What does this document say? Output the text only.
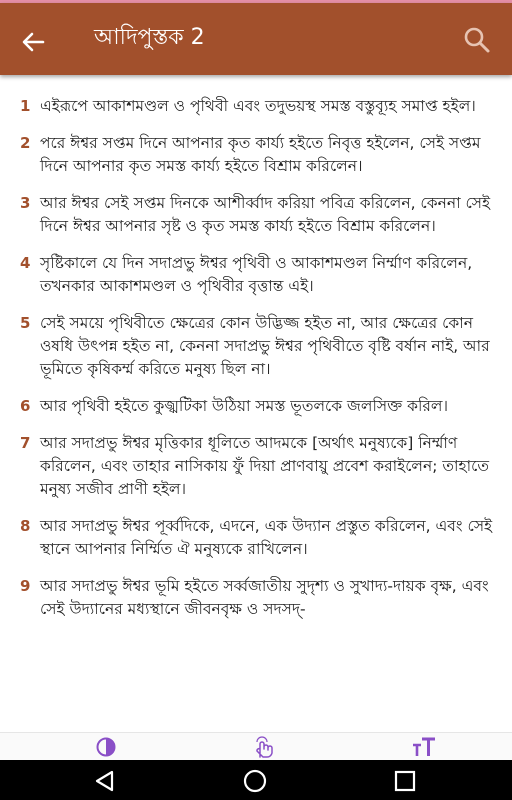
আদিপুস্তক 2
1 এইরূপে আকাশমণ্ডল ও পৃথিবী এবং তদুভয়স্থ সমস্ত বস্তুব্যূহ সমাপ্ত হইল।
2 পরে ঈশ্বর সপ্তম দিনে আপনার কৃত কার্য্য হইতে নিবৃত্ত হইলেন, সেই সপ্তম দিনে আপনার কৃত সমস্ত কার্য্য হইতে বিশ্রাম করিলেন।
3 আর ঈশ্বর সেই সপ্তম দিনকে আশীর্ব্বাদ করিয়া পবিত্র করিলেন, কেননা সেই দিনে ঈশ্বর আপনার সৃষ্ট ও কৃত সমস্ত কার্য্য হইতে বিশ্রাম করিলেন।
4 সৃষ্টিকালে যে দিন সদাপ্রভু ঈশ্বর পৃথিবী ও আকাশমণ্ডল নির্ম্মাণ করিলেন, তখনকার আকাশমণ্ডল ও পৃথিবীর বৃত্তান্ত এই।
5 সেই সময়ে পৃথিবীতে ক্ষেত্রের কোন উদ্ভিজ্জ হইত না, আর ক্ষেত্রের কোন ওষধি উৎপন্ন হইত না, কেননা সদাপ্রভু ঈশ্বর পৃথিবীতে বৃষ্টি বর্ষান নাই, আর ভূমিতে কৃষিকর্ম্ম করিতে মনুষ্য ছিল না।
6 আর পৃথিবী হইতে কুজ্ঝটিকা উঠিয়া সমস্ত ভূতলকে জলসিক্ত করিল।
7 আর সদাপ্রভু ঈশ্বর মৃত্তিকার ধূলিতে আদমকে [অর্থাৎ মনুষ্যকে] নির্ম্মাণ করিলেন, এবং তাহার নাসিকায় ফুঁ দিয়া প্রাণবায়ু প্রবেশ করাইলেন; তাহাতে মনুষ্য সজীব প্রাণী হইল।
8 আর সদাপ্রভু ঈশ্বর পূর্ব্বদিকে, এদনে, এক উদ্যান প্রস্তুত করিলেন, এবং সেই স্থানে আপনার নির্ম্মিত ঐ মনুষ্যকে রাখিলেন।
9 আর সদাপ্রভু ঈশ্বর ভূমি হইতে সর্ব্বজাতীয় সুদৃশ্য ও সুখাদ্য-দায়ক বৃক্ষ, এবং সেই উদ্যানের মধ্যস্থানে জীবনবৃক্ষ ও সদসদ্-
